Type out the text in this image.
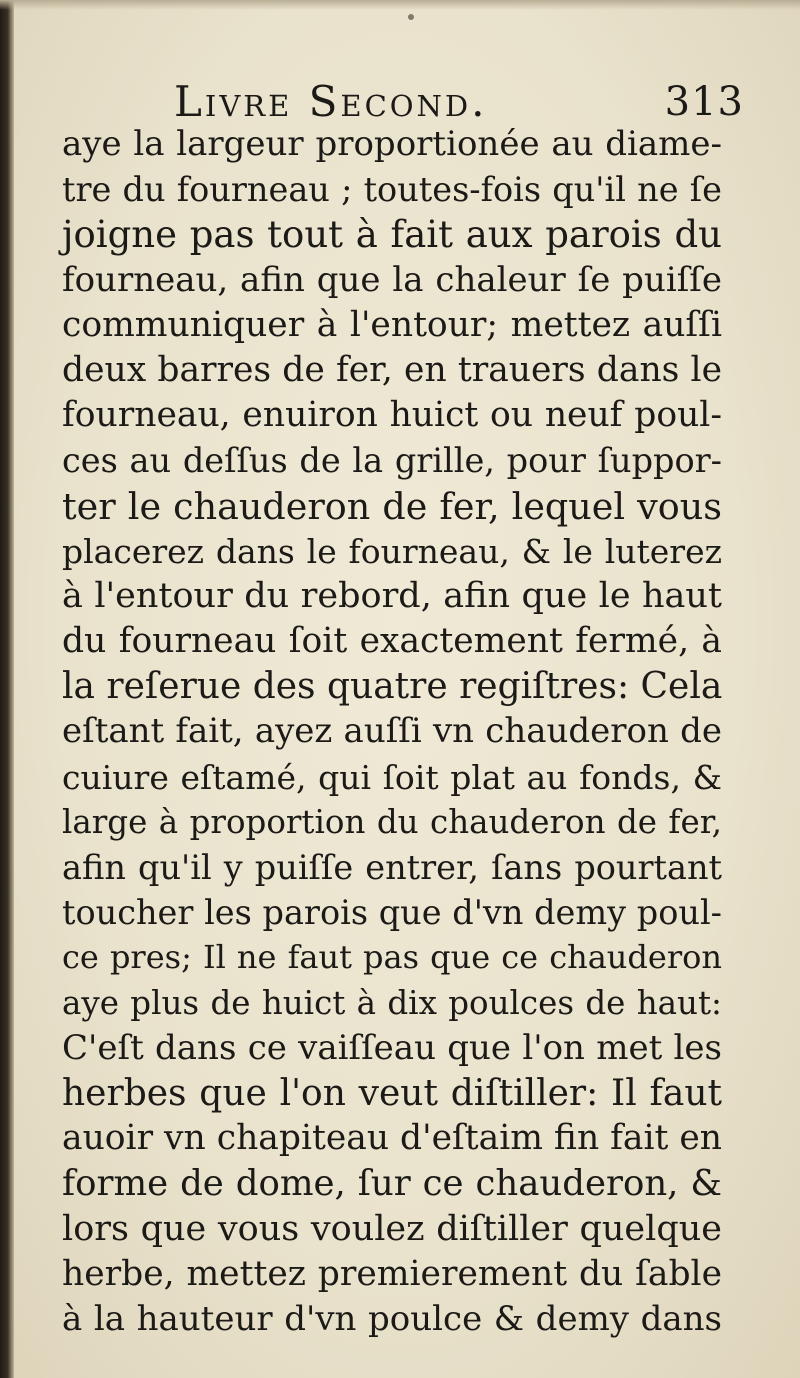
Livre Second.	313
aye la largeur proportionée au diame-
tre du fourneau ; toutes-fois qu'il ne ſe
joigne pas tout à fait aux parois du
fourneau, afin que la chaleur ſe puiſſe
communiquer à l'entour; mettez auſſi
deux barres de fer, en trauers dans le
fourneau, enuiron huict ou neuf poul-
ces au deſſus de la grille, pour ſuppor-
ter le chauderon de fer, lequel vous
placerez dans le fourneau, & le luterez
à l'entour du rebord, afin que le haut
du fourneau ſoit exactement fermé, à
la reſerue des quatre regiſtres: Cela
eſtant fait, ayez auſſi vn chauderon de
cuiure eſtamé, qui ſoit plat au fonds, &
large à proportion du chauderon de fer,
afin qu'il y puiſſe entrer, ſans pourtant
toucher les parois que d'vn demy poul-
ce pres; Il ne faut pas que ce chauderon
aye plus de huict à dix poulces de haut:
C'eſt dans ce vaiſſeau que l'on met les
herbes que l'on veut diſtiller: Il faut
auoir vn chapiteau d'eſtaim fin fait en
forme de dome, ſur ce chauderon, &
lors que vous voulez diſtiller quelque
herbe, mettez premierement du ſable
à la hauteur d'vn poulce & demy dans
